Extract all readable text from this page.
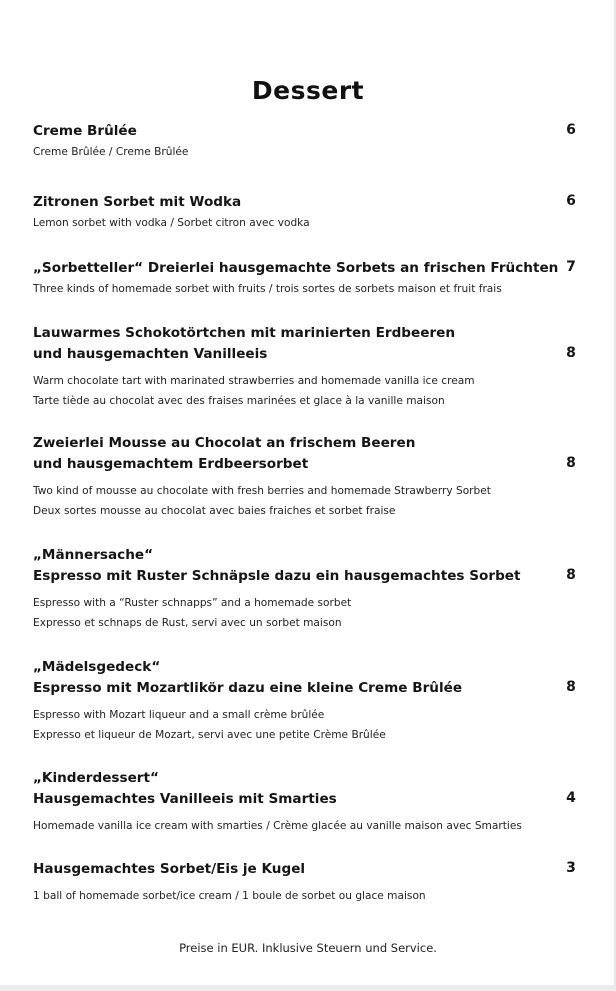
Dessert
Creme Brûlée
Creme Brûlée / Creme Brûlée
6
Zitronen Sorbet mit Wodka
Lemon sorbet with vodka / Sorbet citron avec vodka
6
„Sorbetteller“ Dreierlei hausgemachte Sorbets an frischen Früchten
Three kinds of homemade sorbet with fruits / trois sortes de sorbets maison et fruit frais
7
Lauwarmes Schokotörtchen mit marinierten Erdbeeren
und hausgemachten Vanilleeis
Warm chocolate tart with marinated strawberries and homemade vanilla ice cream
Tarte tiède au chocolat avec des fraises marinées et glace à la vanille maison
8
Zweierlei Mousse au Chocolat an frischem Beeren
und hausgemachtem Erdbeersorbet
Two kind of mousse au chocolate with fresh berries and homemade Strawberry Sorbet
Deux sortes mousse au chocolat avec baies fraiches et sorbet fraise
8
„Männersache“
Espresso mit Ruster Schnäpsle dazu ein hausgemachtes Sorbet
Espresso with a “Ruster schnapps” and a homemade sorbet
Expresso et schnaps de Rust, servi avec un sorbet maison
8
„Mädelsgedeck“
Espresso mit Mozartlikör dazu eine kleine Creme Brûlée
Espresso with Mozart liqueur and a small crème brûlée
Expresso et liqueur de Mozart, servi avec une petite Crème Brûlée
8
„Kinderdessert“
Hausgemachtes Vanilleeis mit Smarties
Homemade vanilla ice cream with smarties / Crème glacée au vanille maison avec Smarties
4
Hausgemachtes Sorbet/Eis je Kugel
1 ball of homemade sorbet/ice cream / 1 boule de sorbet ou glace maison
3
Preise in EUR. Inklusive Steuern und Service.
